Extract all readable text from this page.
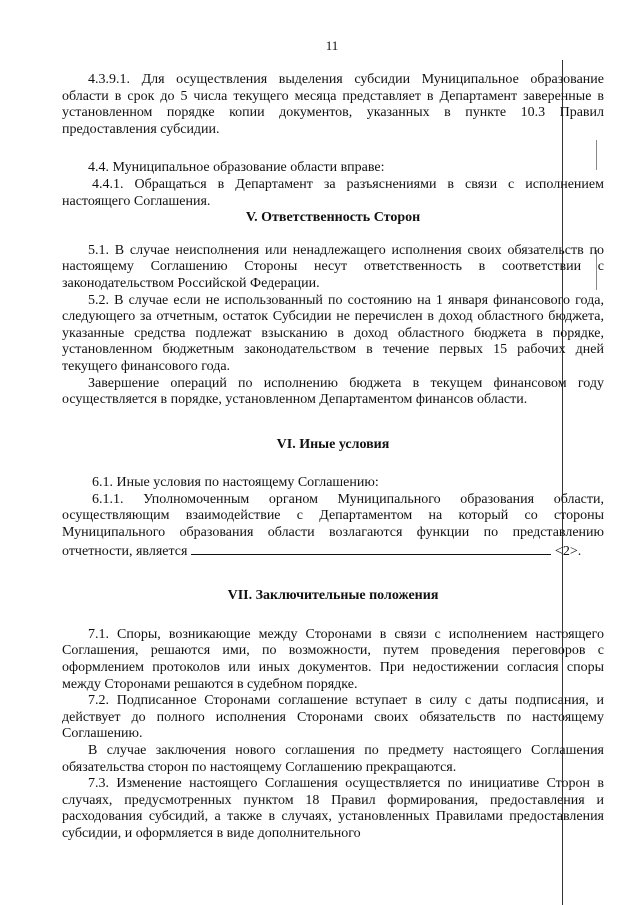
11

4.3.9.1. Для осуществления выделения субсидии Муниципальное образование области в срок до 5 числа текущего месяца представляет в Департамент заверенные в установленном порядке копии документов, указанных в пункте 10.3 Правил предоставления субсидии.

4.4. Муниципальное образование области вправе:

4.4.1. Обращаться в Департамент за разъяснениями в связи с исполнением настоящего Соглашения.

V. Ответственность Сторон

5.1. В случае неисполнения или ненадлежащего исполнения своих обязательств по настоящему Соглашению Стороны несут ответственность в соответствии с законодательством Российской Федерации.

5.2. В случае если не использованный по состоянию на 1 января финансового года, следующего за отчетным, остаток Субсидии не перечислен в доход областного бюджета, указанные средства подлежат взысканию в доход областного бюджета в порядке, установленном бюджетным законодательством в течение первых 15 рабочих дней текущего финансового года.

Завершение операций по исполнению бюджета в текущем финансовом году осуществляется в порядке, установленном Департаментом финансов области.

VI. Иные условия

6.1. Иные условия по настоящему Соглашению:

6.1.1. Уполномоченным органом Муниципального образования области, осуществляющим взаимодействие с Департаментом на который со стороны Муниципального образования области возлагаются функции по представлению отчетности, является	<2>.

VII. Заключительные положения

7.1. Споры, возникающие между Сторонами в связи с исполнением настоящего Соглашения, решаются ими, по возможности, путем проведения переговоров с оформлением протоколов или иных документов. При недостижении согласия споры между Сторонами решаются в судебном порядке.

7.2. Подписанное Сторонами соглашение вступает в силу с даты подписания, и действует до полного исполнения Сторонами своих обязательств по настоящему Соглашению.

В случае заключения нового соглашения по предмету настоящего Соглашения обязательства сторон по настоящему Соглашению прекращаются.

7.3. Изменение настоящего Соглашения осуществляется по инициативе Сторон в случаях, предусмотренных пунктом 18 Правил формирования, предоставления и расходования субсидий, а также в случаях, установленных Правилами предоставления субсидии, и оформляется в виде дополнительного
